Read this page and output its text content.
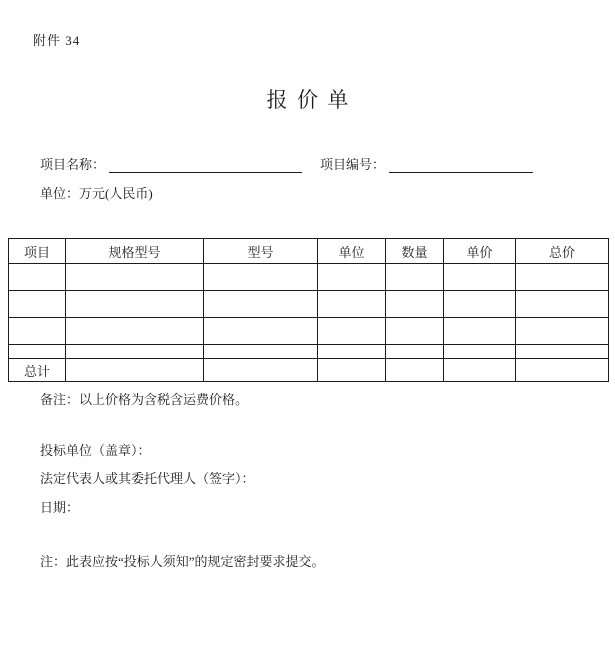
附件 34
报价单
项目名称：	项目编号：
单位：万元(人民币)
项目	规格型号	型号	单位	数量	单价	总价

总计						
备注：以上价格为含税含运费价格。
投标单位（盖章）：
法定代表人或其委托代理人（签字）：
日期：
注：此表应按“投标人须知”的规定密封要求提交。
